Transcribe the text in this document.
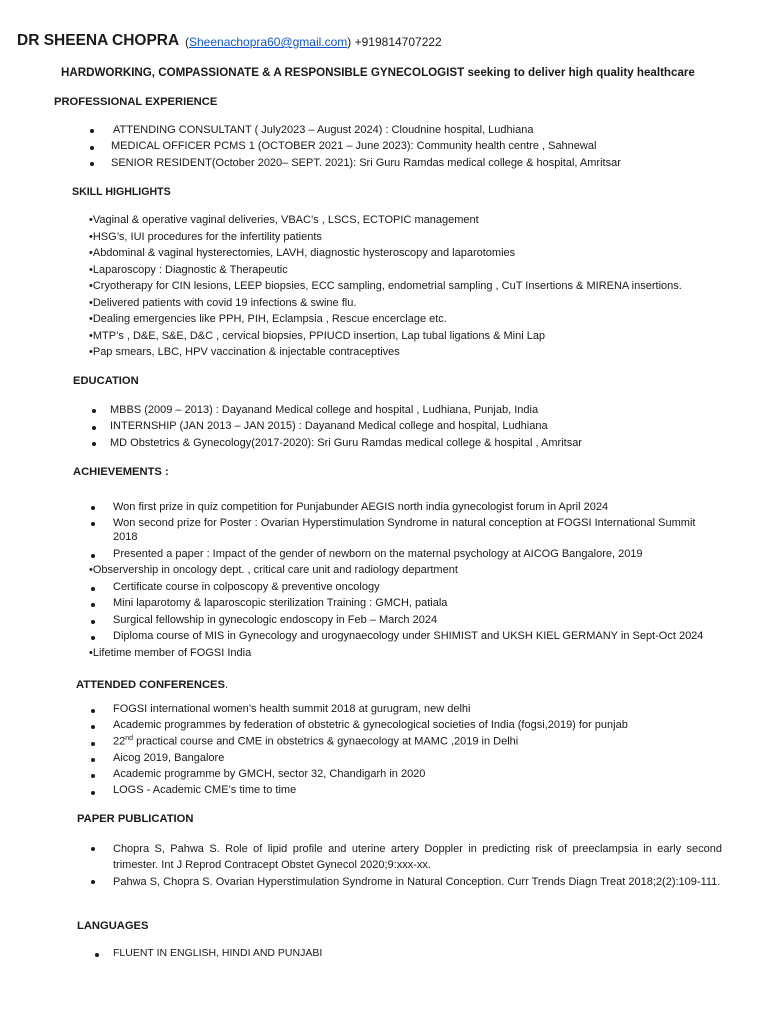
DR SHEENA CHOPRA (Sheenachopra60@gmail.com) +919814707222
HARDWORKING, COMPASSIONATE & A RESPONSIBLE GYNECOLOGIST seeking to deliver high quality healthcare
PROFESSIONAL EXPERIENCE
ATTENDING CONSULTANT ( July2023 – August 2024) : Cloudnine hospital, Ludhiana
MEDICAL OFFICER PCMS 1 (OCTOBER 2021 – June 2023): Community health centre , Sahnewal
SENIOR RESIDENT(October 2020– SEPT. 2021): Sri Guru Ramdas medical college & hospital, Amritsar
SKILL HIGHLIGHTS
•Vaginal & operative vaginal deliveries, VBAC’s , LSCS, ECTOPIC management
•HSG’s, IUI procedures for the infertility patients
•Abdominal & vaginal hysterectomies, LAVH, diagnostic hysteroscopy and laparotomies
•Laparoscopy : Diagnostic & Therapeutic
•Cryotherapy for CIN lesions, LEEP biopsies, ECC sampling, endometrial sampling , CuT Insertions & MIRENA insertions.
•Delivered patients with covid 19 infections & swine flu.
•Dealing emergencies like PPH, PIH, Eclampsia , Rescue encerclage etc.
•MTP’s , D&E, S&E, D&C , cervical biopsies, PPIUCD insertion, Lap tubal ligations & Mini Lap
•Pap smears, LBC, HPV vaccination & injectable contraceptives
EDUCATION
MBBS (2009 – 2013) : Dayanand Medical college and hospital , Ludhiana, Punjab, India
INTERNSHIP (JAN 2013 – JAN 2015) : Dayanand Medical college and hospital, Ludhiana
MD Obstetrics & Gynecology(2017-2020): Sri Guru Ramdas medical college & hospital , Amritsar
ACHIEVEMENTS :
Won first prize in quiz competition for Punjabunder AEGIS north india gynecologist forum in April 2024
Won second prize for Poster : Ovarian Hyperstimulation Syndrome in natural conception at FOGSI International Summit
2018
Presented a paper : Impact of the gender of newborn on the maternal psychology at AICOG Bangalore, 2019
•Observership in oncology dept. , critical care unit and radiology department
Certificate course in colposcopy & preventive oncology
Mini laparotomy & laparoscopic sterilization Training : GMCH, patiala
Surgical fellowship in gynecologic endoscopy in Feb – March 2024
Diploma course of MIS in Gynecology and urogynaecology under SHIMIST and UKSH KIEL GERMANY in Sept-Oct 2024
•Lifetime member of FOGSI India
ATTENDED CONFERENCES.
FOGSI international women’s health summit 2018 at gurugram, new delhi
Academic programmes by federation of obstetric & gynecological societies of India (fogsi,2019) for punjab
22nd practical course and CME in obstetrics & gynaecology at MAMC ,2019 in Delhi
Aicog 2019, Bangalore
Academic programme by GMCH, sector 32, Chandigarh in 2020
LOGS - Academic CME’s time to time
PAPER PUBLICATION
Chopra S, Pahwa S. Role of lipid profile and uterine artery Doppler in predicting risk of preeclampsia in early second trimester. Int J Reprod Contracept Obstet Gynecol 2020;9:xxx-xx.
Pahwa S, Chopra S. Ovarian Hyperstimulation Syndrome in Natural Conception. Curr Trends Diagn Treat 2018;2(2):109-111.
LANGUAGES
FLUENT IN ENGLISH, HINDI AND PUNJABI
